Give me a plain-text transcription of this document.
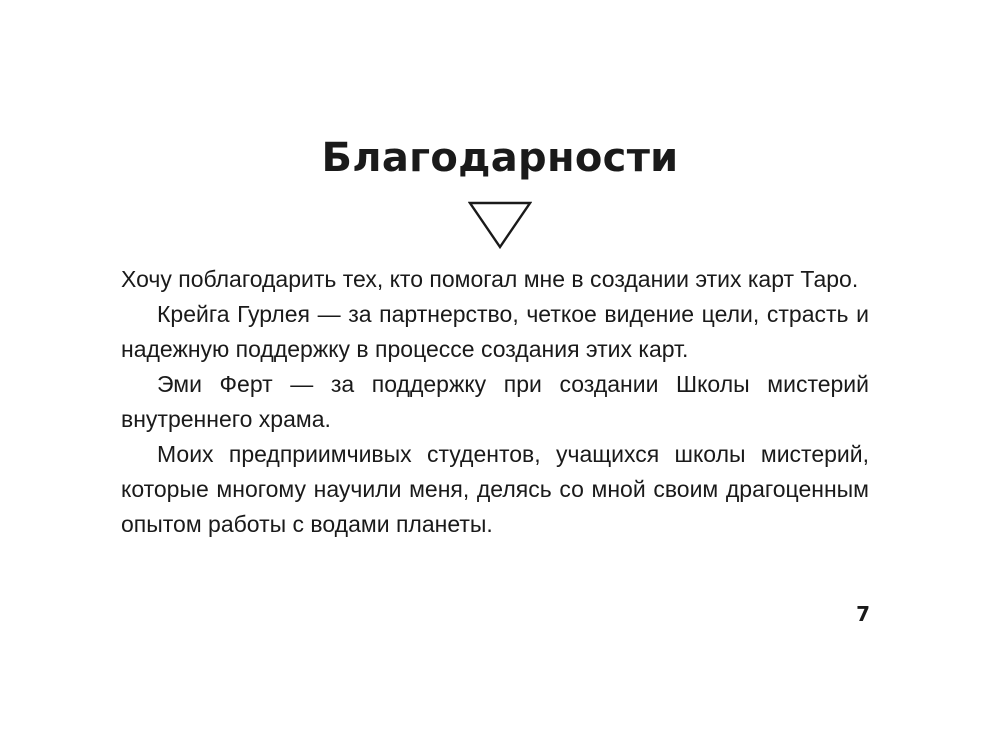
Благодарности

Хочу поблагодарить тех, кто помогал мне в создании этих карт Таро.

Крейга Гурлея — за партнерство, четкое видение цели, страсть и надежную поддержку в процессе создания этих карт.

Эми Ферт — за поддержку при создании Школы мистерий внутреннего храма.

Моих предприимчивых студентов, учащихся школы мистерий, которые многому научили меня, делясь со мной своим драгоценным опытом работы с водами планеты.

7
